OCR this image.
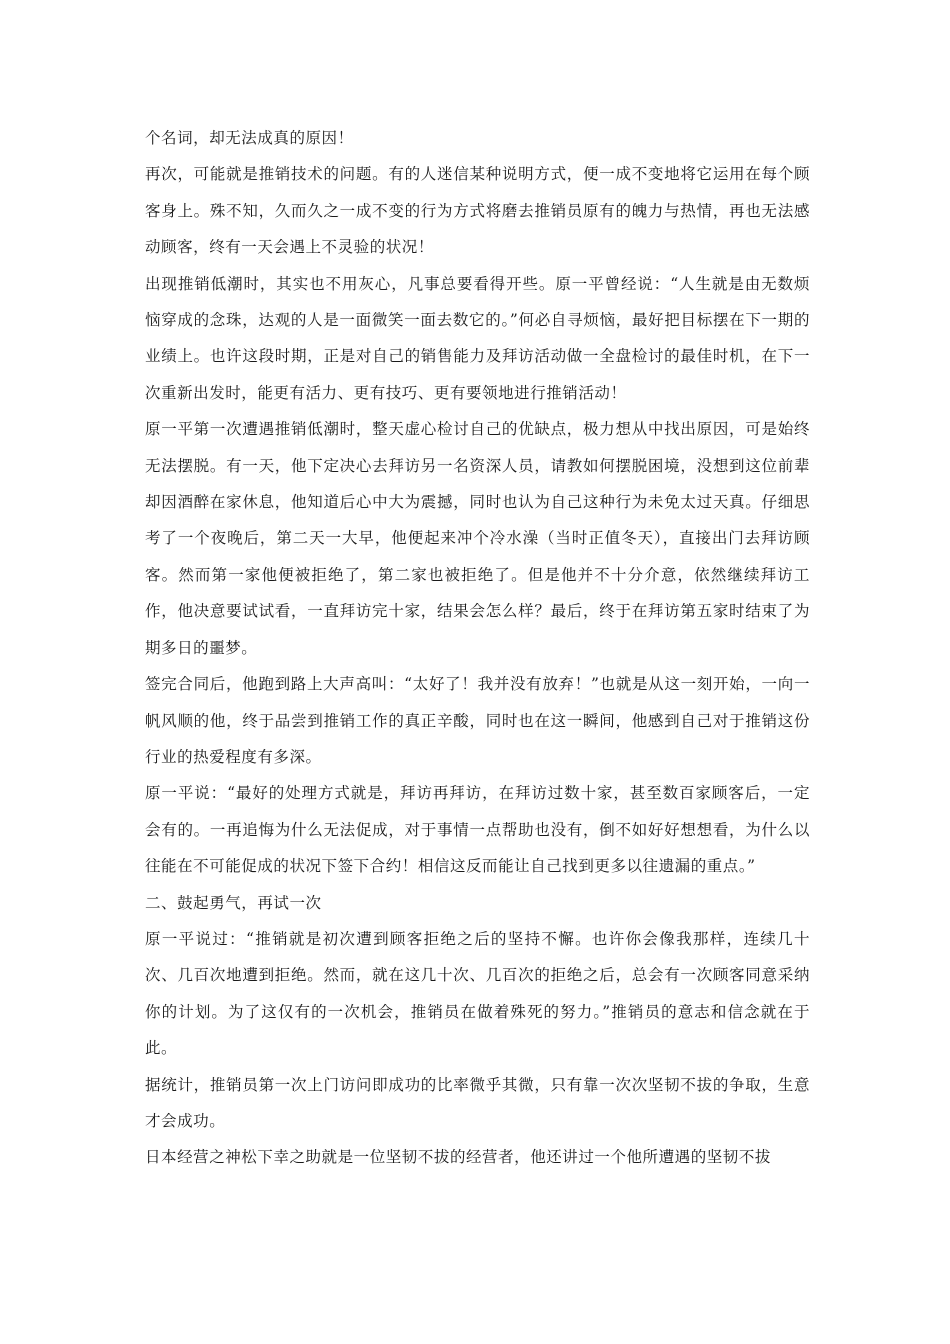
个名词，却无法成真的原因！

再次，可能就是推销技术的问题。有的人迷信某种说明方式，便一成不变地将它运用在每个顾客身上。殊不知，久而久之一成不变的行为方式将磨去推销员原有的魄力与热情，再也无法感动顾客，终有一天会遇上不灵验的状况！

出现推销低潮时，其实也不用灰心，凡事总要看得开些。原一平曾经说：“人生就是由无数烦恼穿成的念珠，达观的人是一面微笑一面去数它的。”何必自寻烦恼，最好把目标摆在下一期的业绩上。也许这段时期，正是对自己的销售能力及拜访活动做一全盘检讨的最佳时机，在下一次重新出发时，能更有活力、更有技巧、更有要领地进行推销活动！

原一平第一次遭遇推销低潮时，整天虚心检讨自己的优缺点，极力想从中找出原因，可是始终无法摆脱。有一天，他下定决心去拜访另一名资深人员，请教如何摆脱困境，没想到这位前辈却因酒醉在家休息，他知道后心中大为震撼，同时也认为自己这种行为未免太过天真。仔细思考了一个夜晚后，第二天一大早，他便起来冲个冷水澡（当时正值冬天），直接出门去拜访顾客。然而第一家他便被拒绝了，第二家也被拒绝了。但是他并不十分介意，依然继续拜访工作，他决意要试试看，一直拜访完十家，结果会怎么样？最后，终于在拜访第五家时结束了为期多日的噩梦。

签完合同后，他跑到路上大声高叫：“太好了！我并没有放弃！”也就是从这一刻开始，一向一帆风顺的他，终于品尝到推销工作的真正辛酸，同时也在这一瞬间，他感到自己对于推销这份行业的热爱程度有多深。

原一平说：“最好的处理方式就是，拜访再拜访，在拜访过数十家，甚至数百家顾客后，一定会有的。一再追悔为什么无法促成，对于事情一点帮助也没有，倒不如好好想想看，为什么以往能在不可能促成的状况下签下合约！相信这反而能让自己找到更多以往遗漏的重点。”

二、鼓起勇气，再试一次

原一平说过：“推销就是初次遭到顾客拒绝之后的坚持不懈。也许你会像我那样，连续几十次、几百次地遭到拒绝。然而，就在这几十次、几百次的拒绝之后，总会有一次顾客同意采纳你的计划。为了这仅有的一次机会，推销员在做着殊死的努力。”推销员的意志和信念就在于此。

据统计，推销员第一次上门访问即成功的比率微乎其微，只有靠一次次坚韧不拔的争取，生意才会成功。

日本经营之神松下幸之助就是一位坚韧不拔的经营者，他还讲过一个他所遭遇的坚韧不拔
